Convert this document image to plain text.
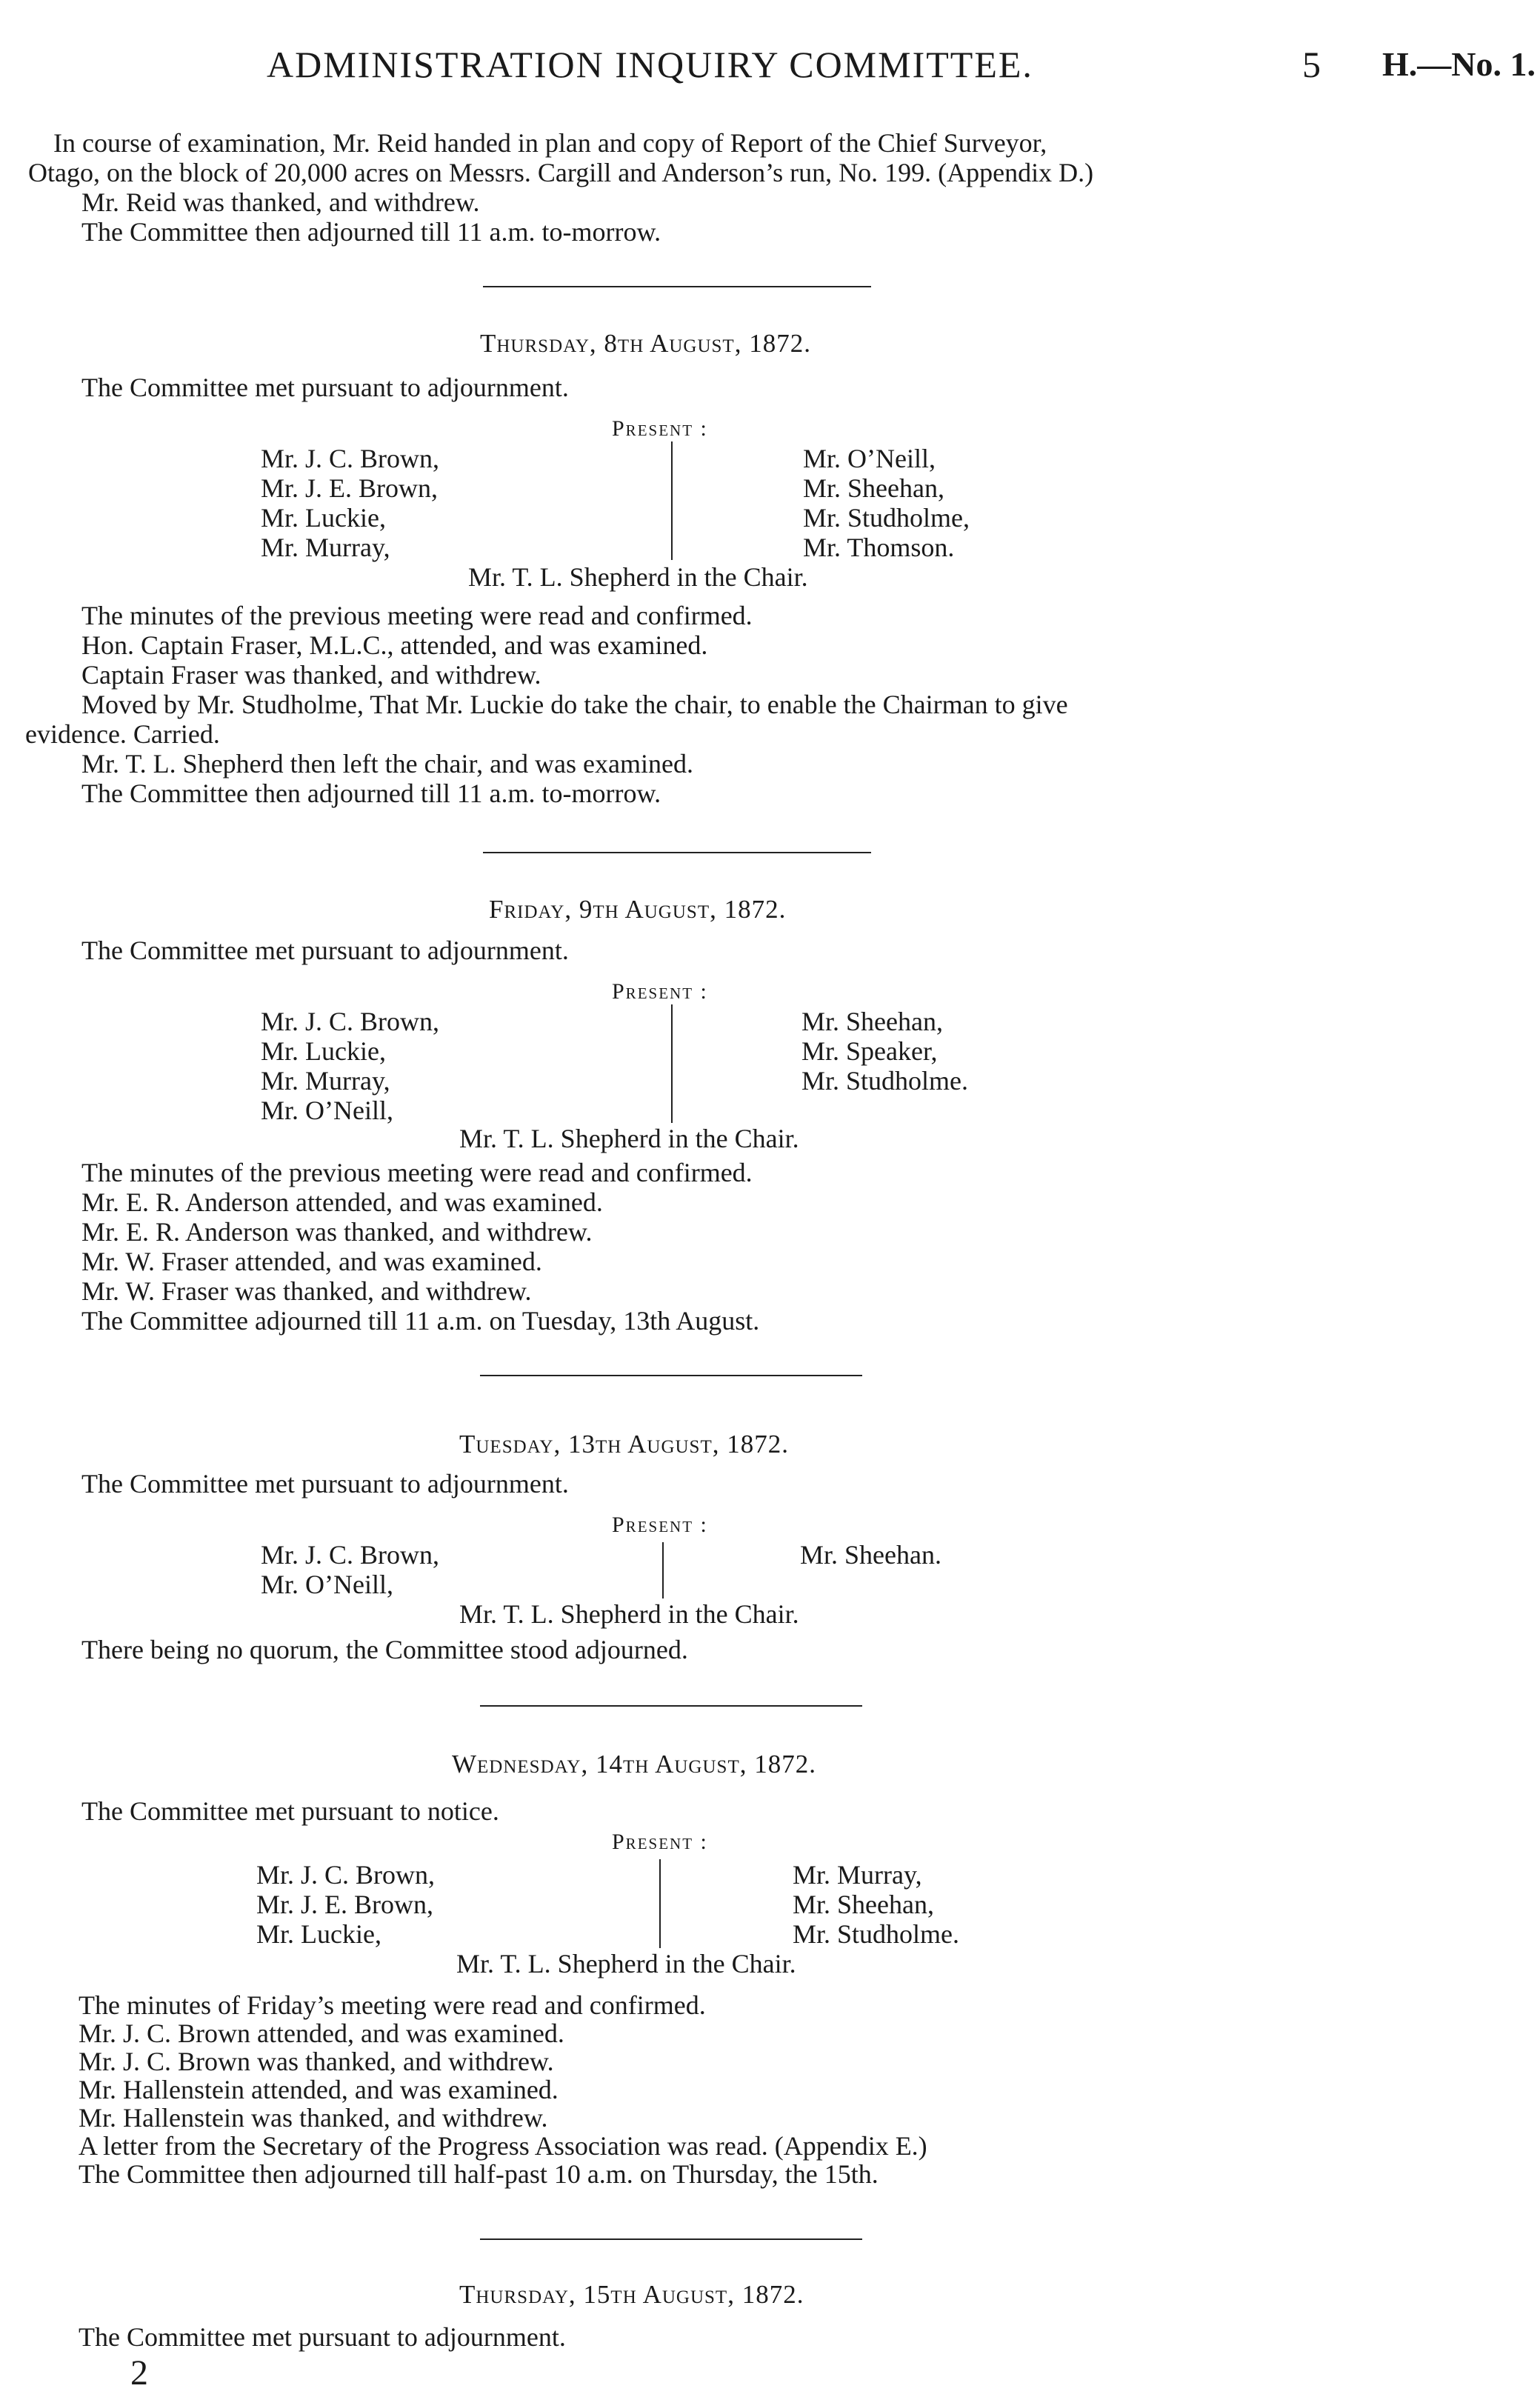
ADMINISTRATION INQUIRY COMMITTEE.	5 H.—No. 1.
In course of examination, Mr. Reid handed in plan and copy of Report of the Chief Surveyor,
Otago, on the block of 20,000 acres on Messrs. Cargill and Anderson’s run, No. 199. (Appendix D.)
Mr. Reid was thanked, and withdrew.
The Committee then adjourned till 11 a.m. to-morrow.
Thursday, 8th August, 1872.
The Committee met pursuant to adjournment.
Present :
Mr. J. C. Brown,
Mr. J. E. Brown,
Mr. Luckie,
Mr. Murray,
Mr. O’Neill,
Mr. Sheehan,
Mr. Studholme,
Mr. Thomson.
Mr. T. L. Shepherd in the Chair.
The minutes of the previous meeting were read and confirmed.
Hon. Captain Fraser, M.L.C., attended, and was examined.
Captain Fraser was thanked, and withdrew.
Moved by Mr. Studholme, That Mr. Luckie do take the chair, to enable the Chairman to give
evidence. Carried.
Mr. T. L. Shepherd then left the chair, and was examined.
The Committee then adjourned till 11 a.m. to-morrow.
Friday, 9th August, 1872.
The Committee met pursuant to adjournment.
Present :
Mr. J. C. Brown,
Mr. Luckie,
Mr. Murray,
Mr. O’Neill,
Mr. Sheehan,
Mr. Speaker,
Mr. Studholme.
Mr. T. L. Shepherd in the Chair.
The minutes of the previous meeting were read and confirmed.
Mr. E. R. Anderson attended, and was examined.
Mr. E. R. Anderson was thanked, and withdrew.
Mr. W. Fraser attended, and was examined.
Mr. W. Fraser was thanked, and withdrew.
The Committee adjourned till 11 a.m. on Tuesday, 13th August.
Tuesday, 13th August, 1872.
The Committee met pursuant to adjournment.
Present :
Mr. J. C. Brown,
Mr. O’Neill,
Mr. Sheehan.
Mr. T. L. Shepherd in the Chair.
There being no quorum, the Committee stood adjourned.
Wednesday, 14th August, 1872.
The Committee met pursuant to notice.
Present :
Mr. J. C. Brown,
Mr. J. E. Brown,
Mr. Luckie,
Mr. Murray,
Mr. Sheehan,
Mr. Studholme.
Mr. T. L. Shepherd in the Chair.
The minutes of Friday’s meeting were read and confirmed.
Mr. J. C. Brown attended, and was examined.
Mr. J. C. Brown was thanked, and withdrew.
Mr. Hallenstein attended, and was examined.
Mr. Hallenstein was thanked, and withdrew.
A letter from the Secretary of the Progress Association was read. (Appendix E.)
The Committee then adjourned till half-past 10 a.m. on Thursday, the 15th.
Thursday, 15th August, 1872.
The Committee met pursuant to adjournment.
2
